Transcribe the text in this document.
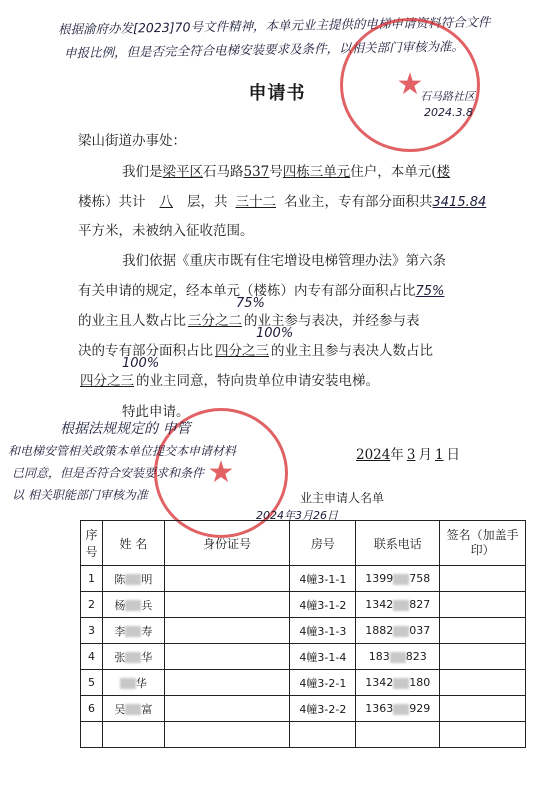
根据渝府办发[2023]70号文件精神，本单元业主提供的电梯申请资料符合文件
申报比例，但是否完全符合电梯安装要求及条件，以相关部门审核为准。
★
石马路社区
2024.3.8
申请书
梁山街道办事处：
我们是梁平区石马路537号四栋三单元住户，本单元(楼
楼栋）共计 八 层，共 三十二 名业主，专有部分面积共3415.84
平方米，未被纳入征收范围。
我们依据《重庆市既有住宅增设电梯管理办法》第六条
有关申请的规定，经本单元（楼栋）内专有部分面积占比75%
的业主且人数占比 三分之二 的业主参与表决，并经参与表
75%
决的专有部分面积占比 四分之三 的业主且参与表决人数占比
100%
四分之三 的业主同意，特向贵单位申请安装电梯。
100%
特此申请。
2024年 3 月 1 日
★
根据法规规定的 申管
和电梯安管相关政策本单位提交本申请材料
已同意，但是否符合安装要求和条件
以 相关职能部门审核为准
2024年3月26日
业主申请人名单
序号	姓 名	身份证号	房号	联系电话	签名（加盖手印）
1	陈 明		4幢3-1-1	1399 758	
2	杨 兵		4幢3-1-2	1342 827	
3	李 寿		4幢3-1-3	1882 037	
4	张 华		4幢3-1-4	183 823	
5	华		4幢3-2-1	1342 180	
6	吴 富		4幢3-2-2	1363 929	
